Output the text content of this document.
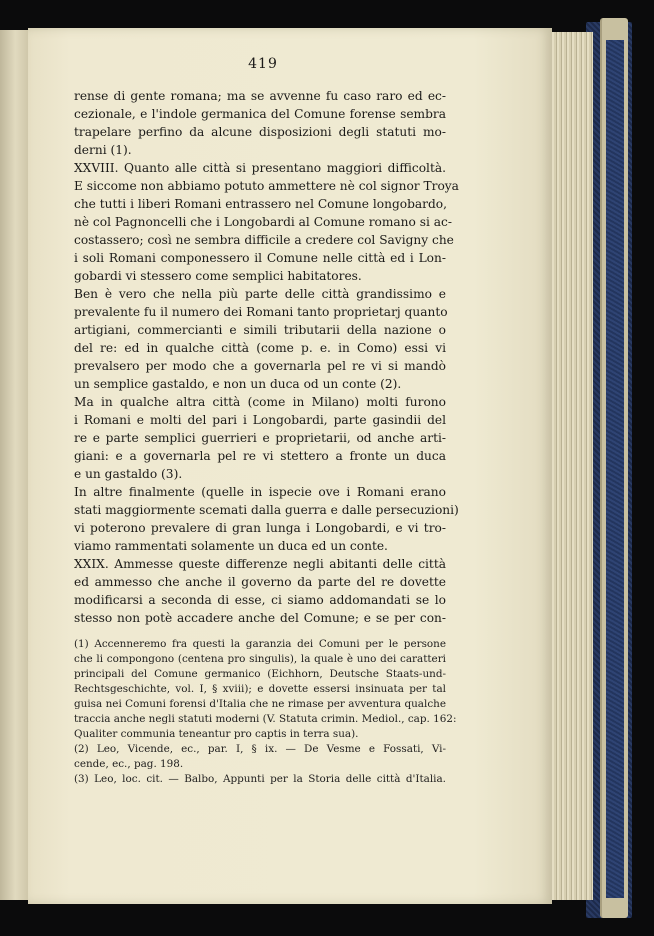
419
rense di gente romana; ma se avvenne fu caso raro ed ec-
cezionale, e l'indole germanica del Comune forense sembra
trapelare perfino da alcune disposizioni degli statuti mo-
derni (1).
XXVIII. Quanto alle città si presentano maggiori difficoltà.
E siccome non abbiamo potuto ammettere nè col signor Troya
che tutti i liberi Romani entrassero nel Comune longobardo,
nè col Pagnoncelli che i Longobardi al Comune romano si ac-
costassero; così ne sembra difficile a credere col Savigny che
i soli Romani componessero il Comune nelle città ed i Lon-
gobardi vi stessero come semplici habitatores.
Ben è vero che nella più parte delle città grandissimo e
prevalente fu il numero dei Romani tanto proprietarj quanto
artigiani, commercianti e simili tributarii della nazione o
del re: ed in qualche città (come p. e. in Como) essi vi
prevalsero per modo che a governarla pel re vi si mandò
un semplice gastaldo, e non un duca od un conte (2).
Ma in qualche altra città (come in Milano) molti furono
i Romani e molti del pari i Longobardi, parte gasindii del
re e parte semplici guerrieri e proprietarii, od anche arti-
giani: e a governarla pel re vi stettero a fronte un duca
e un gastaldo (3).
In altre finalmente (quelle in ispecie ove i Romani erano
stati maggiormente scemati dalla guerra e dalle persecuzioni)
vi poterono prevalere di gran lunga i Longobardi, e vi tro-
viamo rammentati solamente un duca ed un conte.
XXIX. Ammesse queste differenze negli abitanti delle città
ed ammesso che anche il governo da parte del re dovette
modificarsi a seconda di esse, ci siamo addomandati se lo
stesso non potè accadere anche del Comune; e se per con-
(1) Accenneremo fra questi la garanzia dei Comuni per le persone
che li compongono (centena pro singulis), la quale è uno dei caratteri
principali del Comune germanico (Eichhorn, Deutsche Staats-und-
Rechtsgeschichte, vol. I, § xviii); e dovette essersi insinuata per tal
guisa nei Comuni forensi d'Italia che ne rimase per avventura qualche
traccia anche negli statuti moderni (V. Statuta crimin. Mediol., cap. 162:
Qualiter communia teneantur pro captis in terra sua).
(2) Leo, Vicende, ec., par. I, § ix. — De Vesme e Fossati, Vi-
cende, ec., pag. 198.
(3) Leo, loc. cit. — Balbo, Appunti per la Storia delle città d'Italia.
